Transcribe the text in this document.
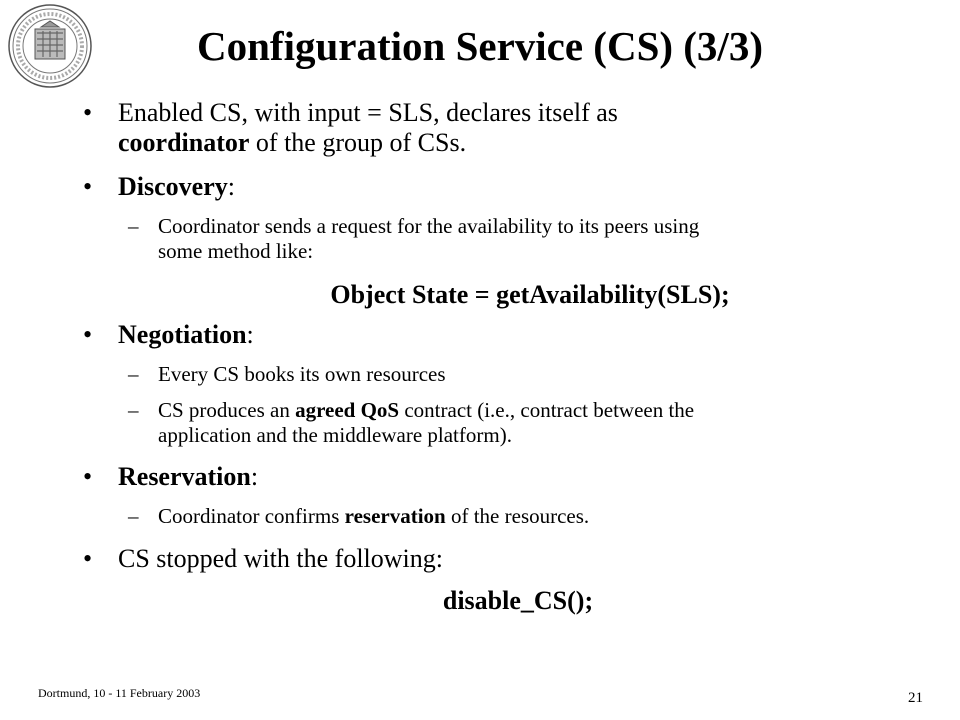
Configuration Service (CS) (3/3)
• Enabled CS, with input = SLS, declares itself as
coordinator of the group of CSs.
• Discovery:
– Coordinator sends a request for the availability to its peers using
some method like:
Object State = getAvailability(SLS);
• Negotiation:
– Every CS books its own resources
– CS produces an agreed QoS contract (i.e., contract between the
application and the middleware platform).
• Reservation:
– Coordinator confirms reservation of the resources.
• CS stopped with the following:
disable_CS();
Dortmund, 10 - 11 February 2003	21
